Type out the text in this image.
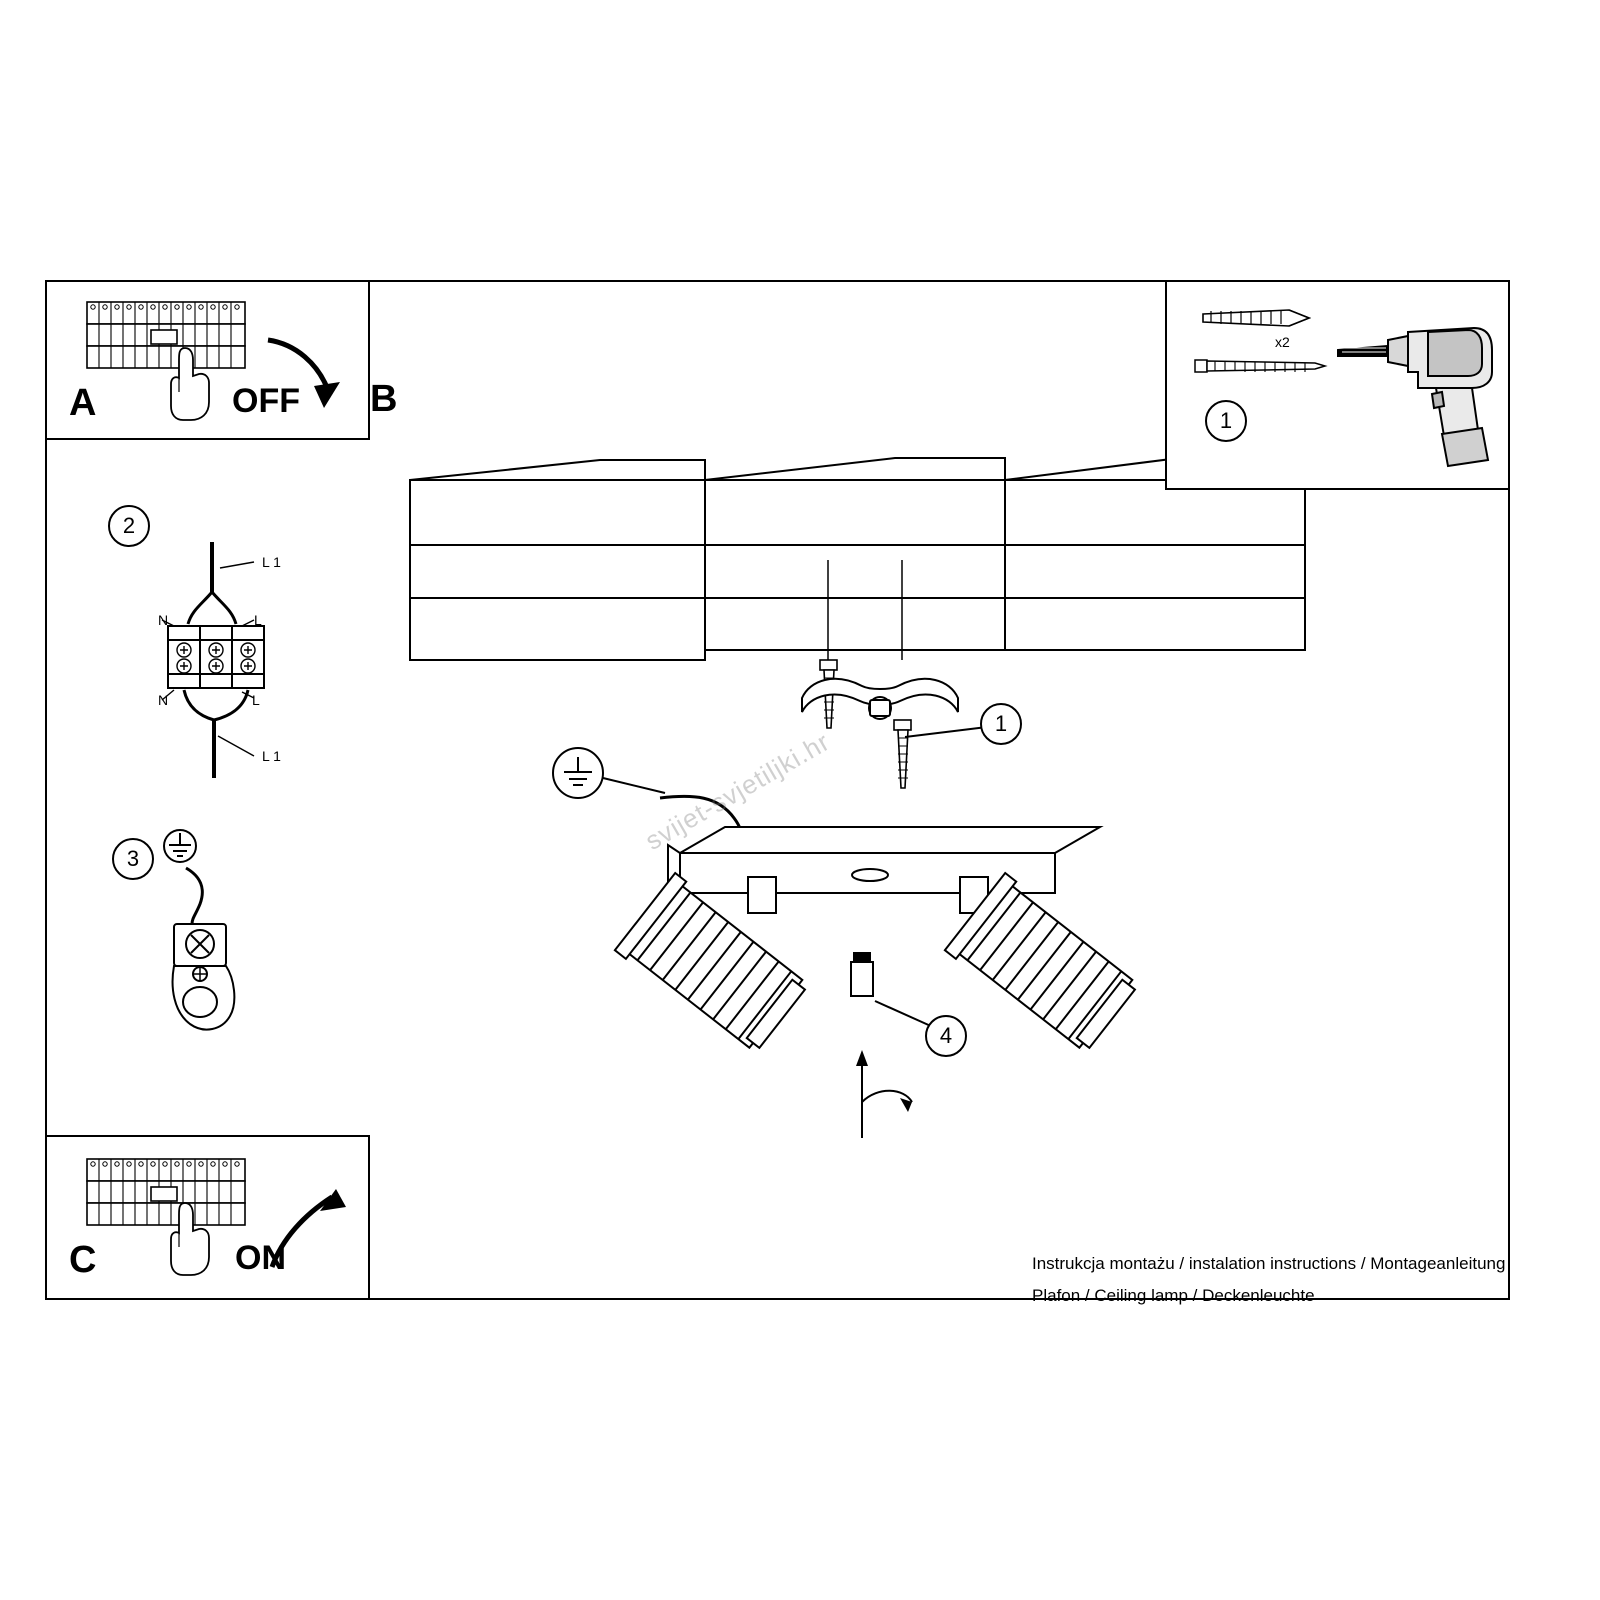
B
1
4
x2
1
A	OFF
2
L 1
L
N
N	L
L 1
3
C	ON	Instrukcja montażu / instalation instructions / Montageanleitung
Plafon / Ceiling lamp / Deckenleuchte
svijet-svjetiljki.hr
